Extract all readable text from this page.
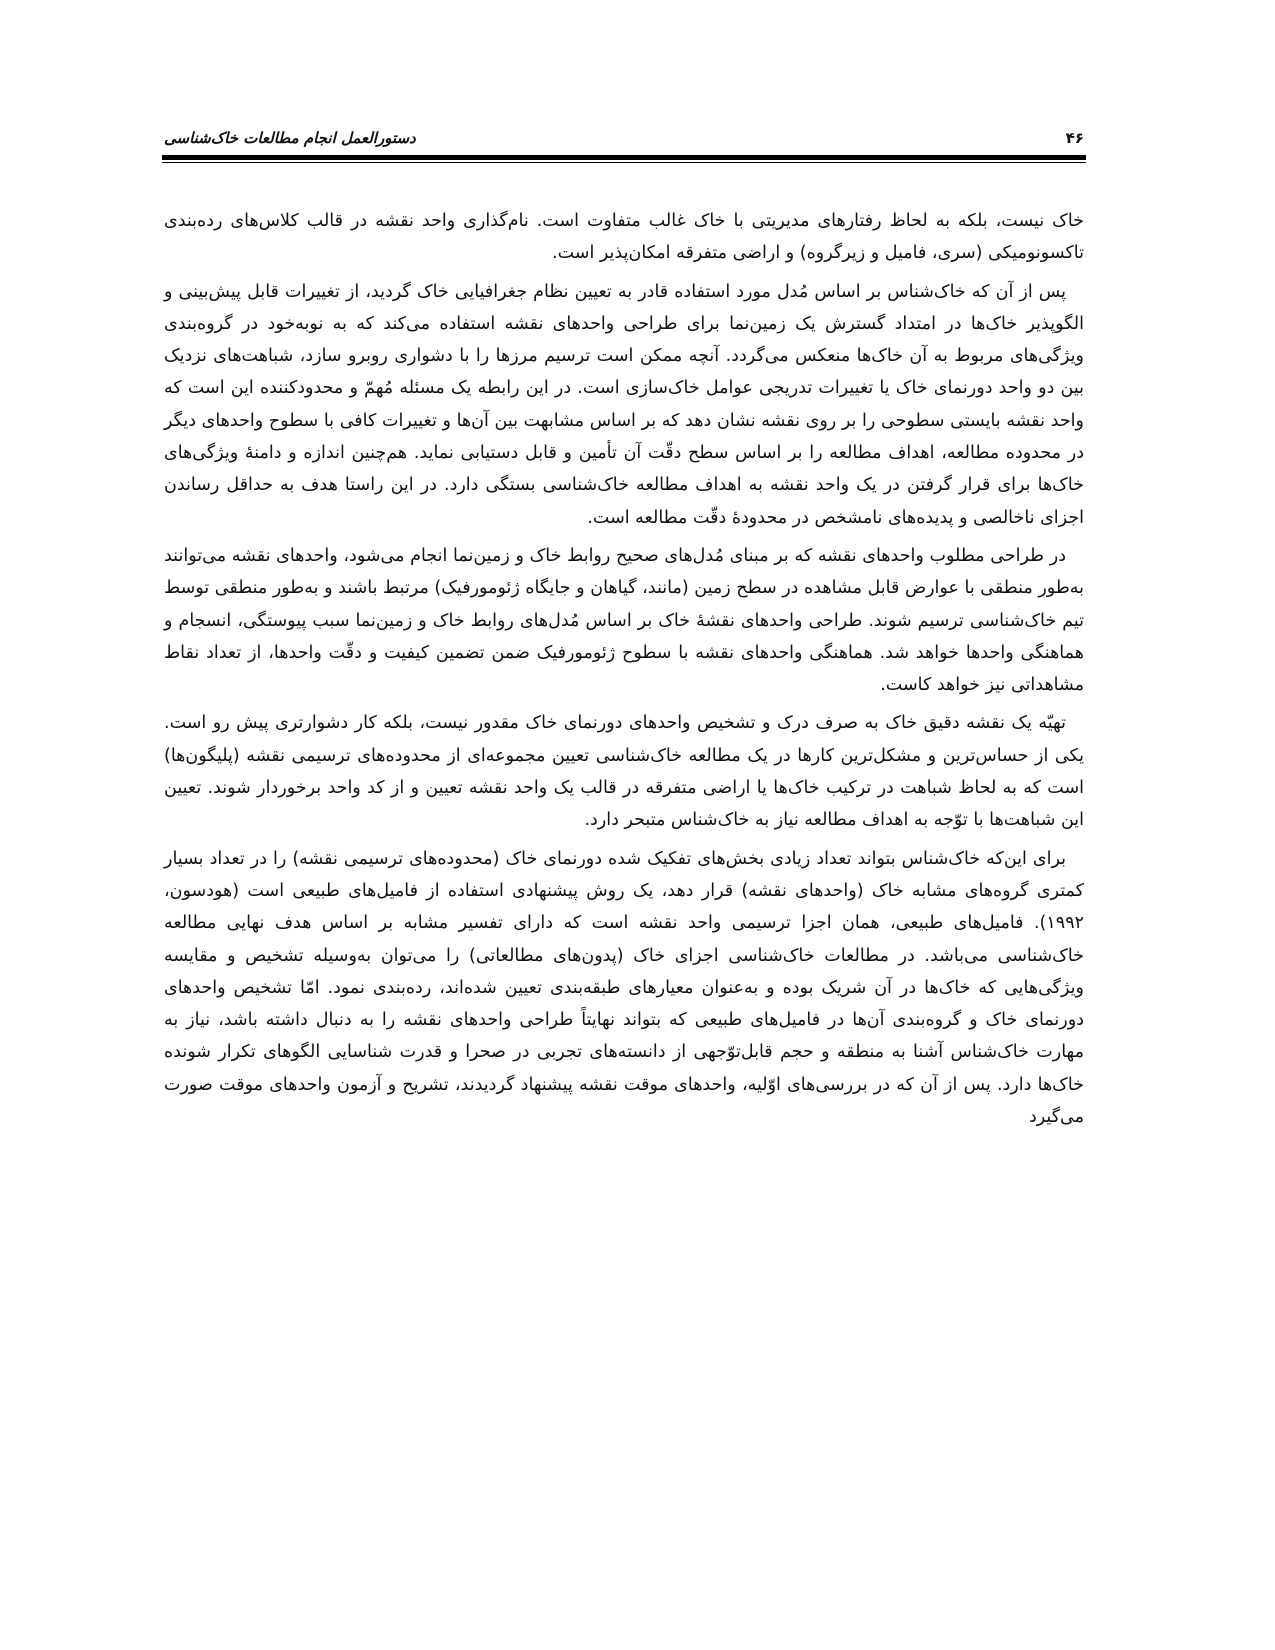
۴۶
دستورالعمل انجام مطالعات خاک‌شناسی

خاک نیست، بلکه به لحاظ رفتارهای مدیریتی با خاک غالب متفاوت است. نام‌گذاری واحد نقشه در قالب کلاس‌های رده‌بندی تاکسونومیکی (سری، فامیل و زیرگروه) و اراضی متفرقه امکان‌پذیر است.

پس از آن که خاک‌شناس بر اساس مُدل مورد استفاده قادر به تعیین نظام جغرافیایی خاک گردید، از تغییرات قابل پیش‌بینی و الگوپذیر خاک‌ها در امتداد گسترش یک زمین‌نما برای طراحی واحدهای نقشه استفاده می‌کند که به نوبه‌خود در گروه‌بندی ویژگی‌های مربوط به آن خاک‌ها منعکس می‌گردد. آنچه ممکن است ترسیم مرزها را با دشواری روبرو سازد، شباهت‌های نزدیک بین دو واحد دورنمای خاک یا تغییرات تدریجی عوامل خاک‌سازی است. در این رابطه یک مسئله مُهمّ و محدودکننده این است که واحد نقشه بایستی سطوحی را بر روی نقشه نشان دهد که بر اساس مشابهت بین آن‌ها و تغییرات کافی با سطوح واحدهای دیگر در محدوده مطالعه، اهداف مطالعه را بر اساس سطح دقّت آن تأمین و قابل دستیابی نماید. هم‌چنین اندازه و دامنهٔ ویژگی‌های خاک‌ها برای قرار گرفتن در یک واحد نقشه به اهداف مطالعه خاک‌شناسی بستگی دارد. در این راستا هدف به حداقل رساندن اجزای ناخالصی و پدیده‌های نامشخص در محدودهٔ دقّت مطالعه است.

در طراحی مطلوب واحدهای نقشه که بر مبنای مُدل‌های صحیح روابط خاک و زمین‌نما انجام می‌شود، واحدهای نقشه می‌توانند به‌طور منطقی با عوارض قابل مشاهده در سطح زمین (مانند، گیاهان و جایگاه ژئومورفیک) مرتبط باشند و به‌طور منطقی توسط تیم خاک‌شناسی ترسیم شوند. طراحی واحدهای نقشهٔ خاک بر اساس مُدل‌های روابط خاک و زمین‌نما سبب پیوستگی، انسجام و هماهنگی واحدها خواهد شد. هماهنگی واحدهای نقشه با سطوح ژئومورفیک ضمن تضمین کیفیت و دقّت واحدها، از تعداد نقاط مشاهداتی نیز خواهد کاست.

تهیّه یک نقشه دقیق خاک به صرف درک و تشخیص واحدهای دورنمای خاک مقدور نیست، بلکه کار دشوارتری پیش رو است. یکی از حساس‌ترین و مشکل‌ترین کارها در یک مطالعه خاک‌شناسی تعیین مجموعه‌ای از محدوده‌های ترسیمی نقشه (پلیگون‌ها) است که به لحاظ شباهت در ترکیب خاک‌ها یا اراضی متفرقه در قالب یک واحد نقشه تعیین و از کد واحد برخوردار شوند. تعیین این شباهت‌ها با توّجه به اهداف مطالعه نیاز به خاک‌شناس متبحر دارد.

برای این‌که خاک‌شناس بتواند تعداد زیادی بخش‌های تفکیک شده دورنمای خاک (محدوده‌های ترسیمی نقشه) را در تعداد بسیار کمتری گروه‌های مشابه خاک (واحدهای نقشه) قرار دهد، یک روش پیشنهادی استفاده از فامیل‌های طبیعی است (هودسون، ۱۹۹۲). فامیل‌های طبیعی، همان اجزا ترسیمی واحد نقشه است که دارای تفسیر مشابه بر اساس هدف نهایی مطالعه خاک‌شناسی می‌باشد. در مطالعات خاک‌شناسی اجزای خاک (پدون‌های مطالعاتی) را می‌توان به‌وسیله تشخیص و مقایسه ویژگی‌هایی که خاک‌ها در آن شریک بوده و به‌عنوان معیارهای طبقه‌بندی تعیین شده‌اند، رده‌بندی نمود. امّا تشخیص واحدهای دورنمای خاک و گروه‌بندی آن‌ها در فامیل‌های طبیعی که بتواند نهایتاً طراحی واحدهای نقشه را به دنبال داشته باشد، نیاز به مهارت خاک‌شناس آشنا به منطقه و حجم قابل‌توّجهی از دانسته‌های تجربی در صحرا و قدرت شناسایی الگوهای تکرار شونده خاک‌ها دارد. پس از آن که در بررسی‌های اوّلیه، واحدهای موقت نقشه پیشنهاد گردیدند، تشریح و آزمون واحدهای موقت صورت می‌گیرد
